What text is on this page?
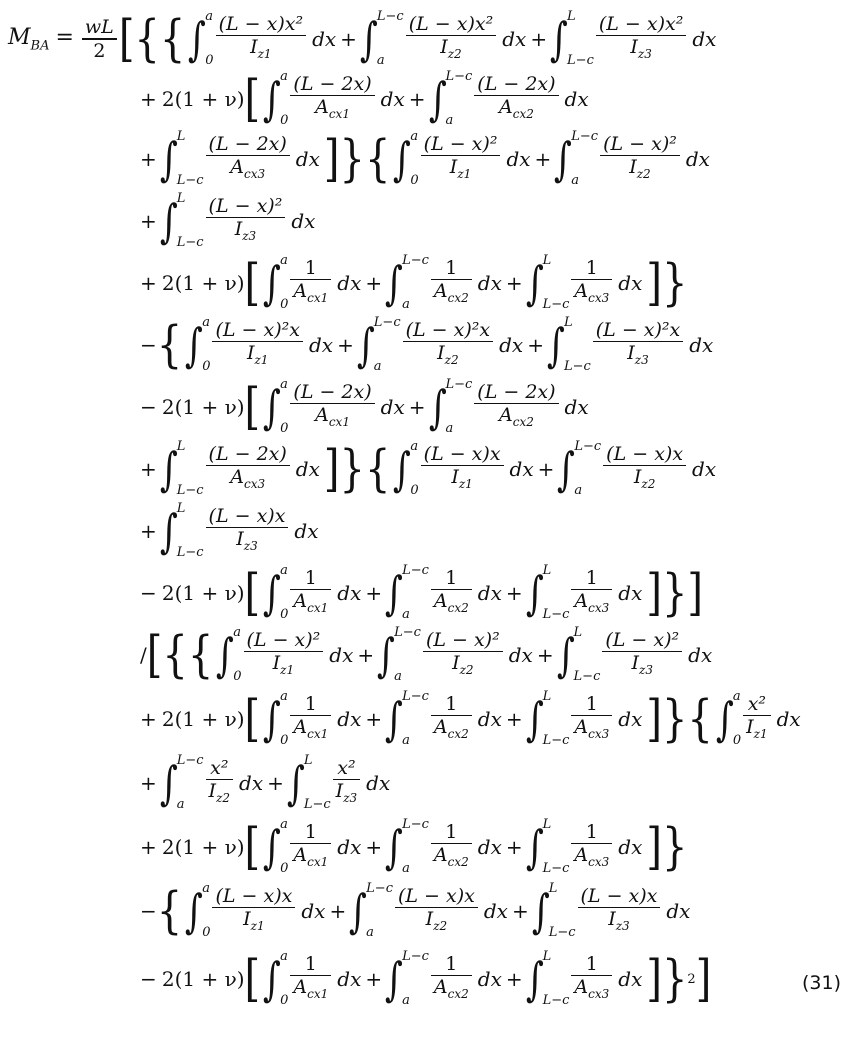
$M_{BA} = \frac{wL}{2}$ [ { { ∫
a
$0 \frac{\text{(L − x)x²}}{I_{z1}}$ dx + ∫
L−c
a	$\frac{\text{(L − x)x²}}{I_{z2}}$ dx + ∫
L
$L-c \frac{\text{(L − x)x²}}{I_{z3}}$ dx
+
2(1 + ν) [ ∫
a
$0 \frac{(L - 2x)}{A_{cx1}}$ dx + ∫
L−c
a	$\frac{(L - 2x)}{A_{cx2}}$ dx
+ ∫
L
$L-c \frac{(L - 2x)}{A_{cx3}}$ dx ] } { ∫
a
$0 \frac{\text{(L − x)²}}{I_{z1}}$ dx + ∫
L−c
a	$\frac{\text{(L − x)²}}{I_{z2}}$ dx
+ ∫
L
$L-c \frac{\text{(L − x)²}}{I_{z3}}$ dx
+
2(1 + ν) [ ∫
a
$0 \frac{1}{A_{cx1}}$ dx + ∫
L−c
a	$\frac{1}{A_{cx2}}$ dx + ∫
L
$L-c \frac{1}{A_{cx3}}$ dx ] }
− { ∫
a
$0 \frac{\text{(L − x)²x}}{I_{z1}}$ dx + ∫
L−c
a	$\frac{\text{(L − x)²x}}{I_{z2}}$ dx + ∫
L
$L-c \frac{\text{(L − x)²x}}{I_{z3}}$ dx
−
2(1 + ν) [ ∫
a
$0 \frac{(L - 2x)}{A_{cx1}}$ dx + ∫
L−c
a	$\frac{(L - 2x)}{A_{cx2}}$ dx
+ ∫
L
$L-c \frac{(L - 2x)}{A_{cx3}}$ dx ] } { ∫
a
$0 \frac{(L - x)x}{I_{z1}}$ dx + ∫
L−c
a	$\frac{(L - x)x}{I_{z2}}$ dx
+ ∫
L
$L-c \frac{(L - x)x}{I_{z3}}$ dx
−
2(1 + ν) [ ∫
a
$0 \frac{1}{A_{cx1}}$ dx + ∫
L−c
a	$\frac{1}{A_{cx2}}$ dx + ∫
L
$L-c \frac{1}{A_{cx3}}$ dx ] } ]
/ [ { { ∫
a
$0 \frac{\text{(L − x)²}}{I_{z1}}$ dx + ∫
L−c
a	$\frac{\text{(L − x)²}}{I_{z2}}$ dx + ∫
L
$L-c \frac{\text{(L − x)²}}{I_{z3}}$ dx
+
2(1 + ν) [ ∫
a
$0 \frac{1}{A_{cx1}}$ dx + ∫
L−c
a	$\frac{1}{A_{cx2}}$ dx + ∫
L
$L-c \frac{1}{A_{cx3}}$ dx ] } { ∫
a
$0 \frac{\text{x²}}{I_{z1}}$ dx
+ ∫
L−c
a	$\frac{\text{x²}}{I_{z2}}$ dx + ∫
L
$L-c \frac{\text{x²}}{I_{z3}}$ dx
+
2(1 + ν) [ ∫
a
$0 \frac{1}{A_{cx1}}$ dx + ∫
L−c
a	$\frac{1}{A_{cx2}}$ dx + ∫
L
$L-c \frac{1}{A_{cx3}}$ dx ] }
− { ∫
a
$0 \frac{(L - x)x}{I_{z1}}$ dx + ∫
L−c
a	$\frac{(L - x)x}{I_{z2}}$ dx + ∫
L
$L-c \frac{(L - x)x}{I_{z3}}$ dx
−
2(1 + ν) [ ∫
a
$0 \frac{1}{A_{cx1}}$ dx + ∫
L−c
a	$\frac{1}{A_{cx2}}$ dx + ∫
L
$L-c \frac{1}{A_{cx3}}$ dx ] } 2 ]	(31)
